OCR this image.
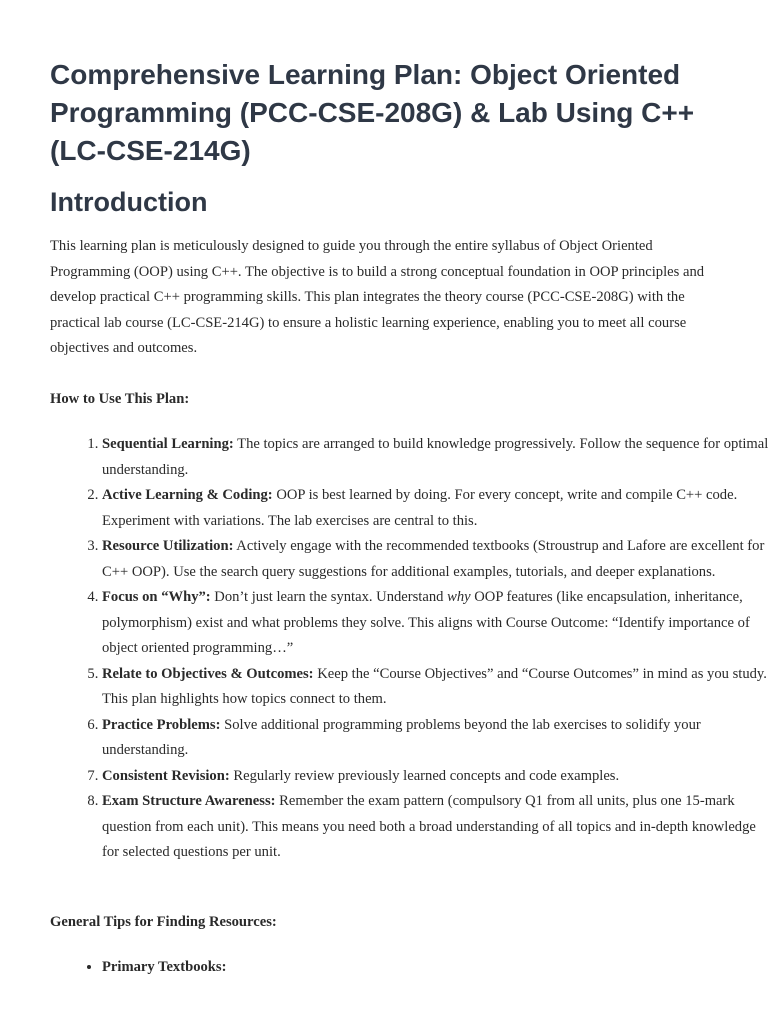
Comprehensive Learning Plan: Object Oriented Programming (PCC-CSE-208G) & Lab Using C++ (LC-CSE-214G)
Introduction

This learning plan is meticulously designed to guide you through the entire syllabus of Object Oriented Programming (OOP) using C++. The objective is to build a strong conceptual foundation in OOP principles and develop practical C++ programming skills. This plan integrates the theory course (PCC-CSE-208G) with the practical lab course (LC-CSE-214G) to ensure a holistic learning experience, enabling you to meet all course objectives and outcomes.

How to Use This Plan:

1. Sequential Learning: The topics are arranged to build knowledge progressively. Follow the sequence for optimal understanding.
2. Active Learning & Coding: OOP is best learned by doing. For every concept, write and compile C++ code. Experiment with variations. The lab exercises are central to this.
3. Resource Utilization: Actively engage with the recommended textbooks (Stroustrup and Lafore are excellent for C++ OOP). Use the search query suggestions for additional examples, tutorials, and deeper explanations.
4. Focus on “Why”: Don’t just learn the syntax. Understand why OOP features (like encapsulation, inheritance, polymorphism) exist and what problems they solve. This aligns with Course Outcome: “Identify importance of object oriented programming…”
5. Relate to Objectives & Outcomes: Keep the “Course Objectives” and “Course Outcomes” in mind as you study. This plan highlights how topics connect to them.
6. Practice Problems: Solve additional programming problems beyond the lab exercises to solidify your understanding.
7. Consistent Revision: Regularly review previously learned concepts and code examples.
8. Exam Structure Awareness: Remember the exam pattern (compulsory Q1 from all units, plus one 15-mark question from each unit). This means you need both a broad understanding of all topics and in-depth knowledge for selected questions per unit.

General Tips for Finding Resources:

• Primary Textbooks:
